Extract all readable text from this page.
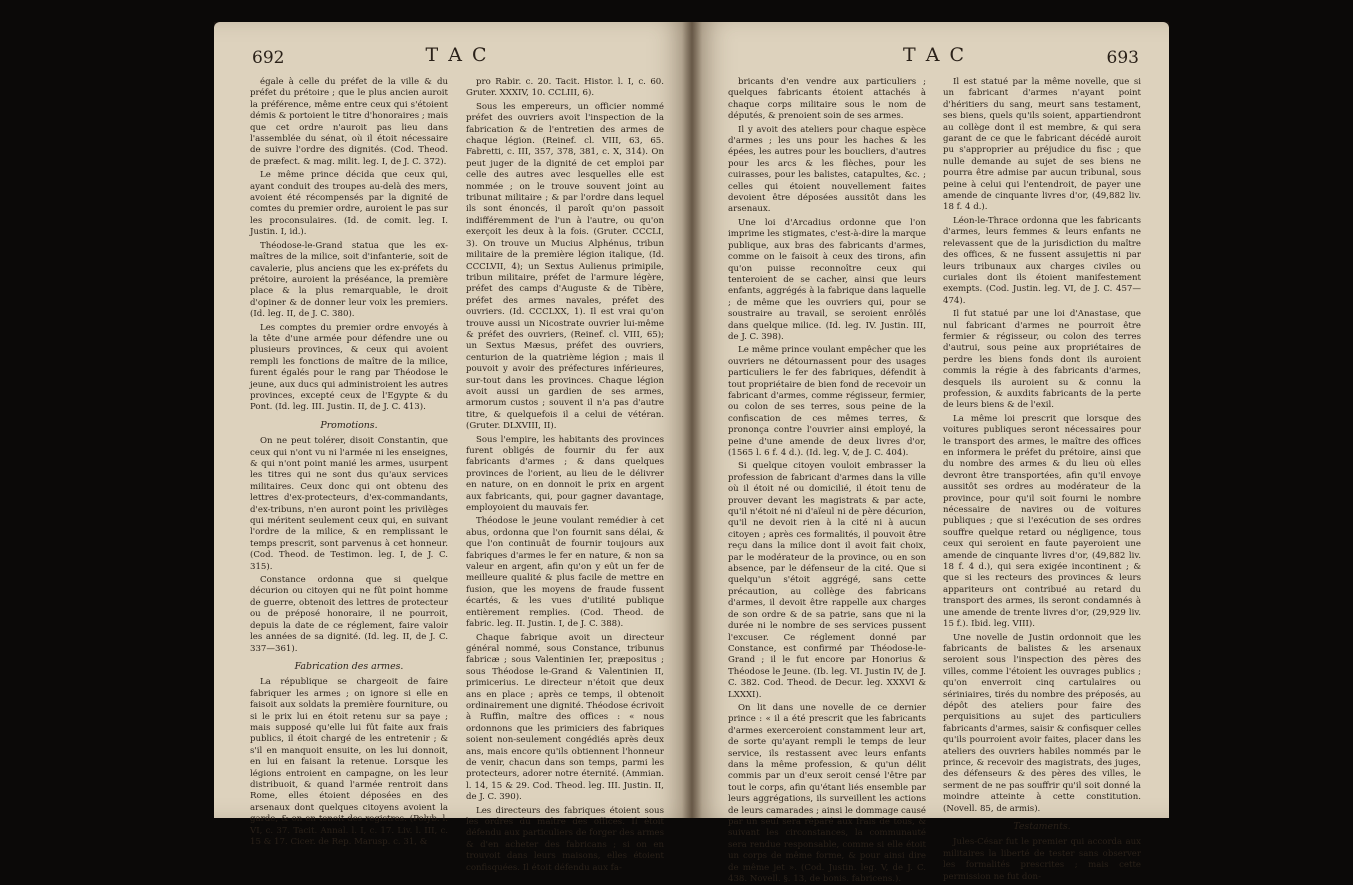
692	T A C

égale à celle du préfet de la ville & du préfet du prétoire ; que le plus ancien auroit la préférence, même entre ceux qui s'étoient démis & portoient le titre d'honoraires ; mais que cet ordre n'auroit pas lieu dans l'assemblée du sénat, où il étoit nécessaire de suivre l'ordre des dignités. (Cod. Theod. de præfect. & mag. milit. leg. I, de J. C. 372).

Le même prince décida que ceux qui, ayant conduit des troupes au-delà des mers, avoient été récompensés par la dignité de comtes du premier ordre, auroient le pas sur les proconsulaires. (Id. de comit. leg. I. Justin. I, id.).

Théodose-le-Grand statua que les ex-maîtres de la milice, soit d'infanterie, soit de cavalerie, plus anciens que les ex-préfets du prétoire, auroient la préséance, la première place & la plus remarquable, le droit d'opiner & de donner leur voix les premiers. (Id. leg. II, de J. C. 380).

Les comptes du premier ordre envoyés à la tête d'une armée pour défendre une ou plusieurs provinces, & ceux qui avoient rempli les fonctions de maître de la milice, furent égalés pour le rang par Théodose le jeune, aux ducs qui administroient les autres provinces, excepté ceux de l'Egypte & du Pont. (Id. leg. III. Justin. II, de J. C. 413).

Promotions.

On ne peut tolérer, disoit Constantin, que ceux qui n'ont vu ni l'armée ni les enseignes, & qui n'ont point manié les armes, usurpent les titres qui ne sont dus qu'aux services militaires. Ceux donc qui ont obtenu des lettres d'ex-protecteurs, d'ex-commandants, d'ex-tribuns, n'en auront point les privilèges qui méritent seulement ceux qui, en suivant l'ordre de la milice, & en remplissant le temps prescrit, sont parvenus à cet honneur. (Cod. Theod. de Testimon. leg. I, de J. C. 315).

Constance ordonna que si quelque décurion ou citoyen qui ne fût point homme de guerre, obtenoit des lettres de protecteur ou de préposé honoraire, il ne pourroit, depuis la date de ce réglement, faire valoir les années de sa dignité. (Id. leg. II, de J. C. 337—361).

Fabrication des armes.

La république se chargeoit de faire fabriquer les armes ; on ignore si elle en faisoit aux soldats la première fourniture, ou si le prix lui en étoit retenu sur sa paye ; mais supposé qu'elle lui fût faite aux frais publics, il étoit chargé de les entretenir ; & s'il en manquoit ensuite, on les lui donnoit, en lui en faisant la retenue. Lorsque les légions entroient en campagne, on les leur distribuoit, & quand l'armée rentroit dans Rome, elles étoient déposées en des arsenaux dont quelques citoyens avoient la garde, & on en tenoit des registres. (Polyb. l. VI, c. 37. Tacit. Annal. l. I, c. 17. Liv. l. III, c. 15 & 17. Cicer. de Rep. Marusp. c. 31, &

pro Rabir. c. 20. Tacit. Histor. l. I, c. 60. Gruter. XXXIV, 10. CCLIII, 6).

Sous les empereurs, un officier nommé préfet des ouvriers avoit l'inspection de la fabrication & de l'entretien des armes de chaque légion. (Reinef. cl. VIII, 63, 65. Fabretti, c. III, 357, 378, 381, c. X, 314). On peut juger de la dignité de cet emploi par celle des autres avec lesquelles elle est nommée ; on le trouve souvent joint au tribunat militaire ; & par l'ordre dans lequel ils sont énoncés, il paroît qu'on passoit indifféremment de l'un à l'autre, ou qu'on exerçoit les deux à la fois. (Gruter. CCCLI, 3). On trouve un Mucius Alphénus, tribun militaire de la première légion italique, (Id. CCCLVII, 4); un Sextus Aulienus primipile, tribun militaire, préfet de l'armure légère, préfet des camps d'Auguste & de Tibère, préfet des armes navales, préfet des ouvriers. (Id. CCCLXX, 1). Il est vrai qu'on trouve aussi un Nicostrate ouvrier lui-même & préfet des ouvriers, (Reinef. cl. VIII, 65); un Sextus Mæsus, préfet des ouvriers, centurion de la quatrième légion ; mais il pouvoit y avoir des préfectures inférieures, sur-tout dans les provinces. Chaque légion avoit aussi un gardien de ses armes, armorum custos ; souvent il n'a pas d'autre titre, & quelquefois il a celui de vétéran. (Gruter. DLXVIII, II).

Sous l'empire, les habitants des provinces furent obligés de fournir du fer aux fabricants d'armes ; & dans quelques provinces de l'orient, au lieu de le délivrer en nature, on en donnoit le prix en argent aux fabricants, qui, pour gagner davantage, employoient du mauvais fer.

Théodose le jeune voulant remédier à cet abus, ordonna que l'on fournit sans délai, & que l'on continuât de fournir toujours aux fabriques d'armes le fer en nature, & non sa valeur en argent, afin qu'on y eût un fer de meilleure qualité & plus facile de mettre en fusion, que les moyens de fraude fussent écartés, & les vues d'utilité publique entièrement remplies. (Cod. Theod. de fabric. leg. II. Justin. I, de J. C. 388).

Chaque fabrique avoit un directeur général nommé, sous Constance, tribunus fabricæ ; sous Valentinien Ier, præpositus ; sous Théodose le-Grand & Valentinien II, primicerius. Le directeur n'étoit que deux ans en place ; après ce temps, il obtenoit ordinairement une dignité. Théodose écrivoit à Ruffin, maître des offices : « nous ordonnons que les primiciers des fabriques soient non-seulement congédiés après deux ans, mais encore qu'ils obtiennent l'honneur de venir, chacun dans son temps, parmi les protecteurs, adorer notre éternité. (Ammian. l. 14, 15 & 29. Cod. Theod. leg. III. Justin. II, de J. C. 390).

Les directeurs des fabriques étoient sous les ordres du maître des offices. Il étoit défendu aux particuliers de forger des armes & d'en acheter des fabricans ; si on en trouvoit dans leurs maisons, elles étoient confisquées. Il étoit défendu aux fa-

T A C	693

bricants d'en vendre aux particuliers ; quelques fabricants étoient attachés à chaque corps militaire sous le nom de députés, & prenoient soin de ses armes.

Il y avoit des ateliers pour chaque espèce d'armes ; les uns pour les haches & les épées, les autres pour les boucliers, d'autres pour les arcs & les flèches, pour les cuirasses, pour les balistes, catapultes, &c. ; celles qui étoient nouvellement faites devoient être déposées aussitôt dans les arsenaux.

Une loi d'Arcadius ordonne que l'on imprime les stigmates, c'est-à-dire la marque publique, aux bras des fabricants d'armes, comme on le faisoit à ceux des tirons, afin qu'on puisse reconnoître ceux qui tenteroient de se cacher, ainsi que leurs enfants, aggrégés à la fabrique dans laquelle ; de même que les ouvriers qui, pour se soustraire au travail, se seroient enrôlés dans quelque milice. (Id. leg. IV. Justin. III, de J. C. 398).

Le même prince voulant empêcher que les ouvriers ne détournassent pour des usages particuliers le fer des fabriques, défendit à tout propriétaire de bien fond de recevoir un fabricant d'armes, comme régisseur, fermier, ou colon de ses terres, sous peine de la confiscation de ces mêmes terres, & prononça contre l'ouvrier ainsi employé, la peine d'une amende de deux livres d'or, (1565 l. 6 f. 4 d.). (Id. leg. V, de J. C. 404).

Si quelque citoyen vouloit embrasser la profession de fabricant d'armes dans la ville où il étoit né ou domicilié, il étoit tenu de prouver devant les magistrats & par acte, qu'il n'étoit né ni d'aïeul ni de père décurion, qu'il ne devoit rien à la cité ni à aucun citoyen ; après ces formalités, il pouvoit être reçu dans la milice dont il avoit fait choix, par le modérateur de la province, ou en son absence, par le défenseur de la cité. Que si quelqu'un s'étoit aggrégé, sans cette précaution, au collège des fabricans d'armes, il devoit être rappelle aux charges de son ordre & de sa patrie, sans que ni la durée ni le nombre de ses services pussent l'excuser. Ce réglement donné par Constance, est confirmé par Théodose-le-Grand ; il le fut encore par Honorius & Théodose le Jeune. (Ib. leg. VI. Justin IV, de J. C. 382. Cod. Theod. de Decur. leg. XXXVI & LXXXI).

On lit dans une novelle de ce dernier prince : « il a été prescrit que les fabricants d'armes exerceroient constamment leur art, de sorte qu'ayant rempli le temps de leur service, ils restassent avec leurs enfants dans la même profession, & qu'un délit commis par un d'eux seroit censé l'être par tout le corps, afin qu'étant liés ensemble par leurs aggrégations, ils surveillent les actions de leurs camarades ; ainsi le dommage causé par un seul sera réparé aux frais de tous, & suivant les circonstances, la communauté sera rendue responsable, comme si elle étoit un corps de même forme, & pour ainsi dire de même jet ». (Cod. Justin. leg. V, de J. C. 438. Novell. §. 13, de bonis. fabricens.).

Il est statué par la même novelle, que si un fabricant d'armes n'ayant point d'héritiers du sang, meurt sans testament, ses biens, quels qu'ils soient, appartiendront au collège dont il est membre, & qui sera garant de ce que le fabricant décédé auroit pu s'approprier au préjudice du fisc ; que nulle demande au sujet de ses biens ne pourra être admise par aucun tribunal, sous peine à celui qui l'entendroit, de payer une amende de cinquante livres d'or, (49,882 liv. 18 f. 4 d.).

Léon-le-Thrace ordonna que les fabricants d'armes, leurs femmes & leurs enfants ne relevassent que de la jurisdiction du maître des offices, & ne fussent assujettis ni par leurs tribunaux aux charges civiles ou curiales dont ils étoient manifestement exempts. (Cod. Justin. leg. VI, de J. C. 457—474).

Il fut statué par une loi d'Anastase, que nul fabricant d'armes ne pourroit être fermier & régisseur, ou colon des terres d'autrui, sous peine aux propriétaires de perdre les biens fonds dont ils auroient commis la régie à des fabricants d'armes, desquels ils auroient su & connu la profession, & auxdits fabricants de la perte de leurs biens & de l'exil.

La même loi prescrit que lorsque des voitures publiques seront nécessaires pour le transport des armes, le maître des offices en informera le préfet du prétoire, ainsi que du nombre des armes & du lieu où elles devront être transportées, afin qu'il envoye aussitôt ses ordres au modérateur de la province, pour qu'il soit fourni le nombre nécessaire de navires ou de voitures publiques ; que si l'exécution de ses ordres souffre quelque retard ou négligence, tous ceux qui seroient en faute payeroient une amende de cinquante livres d'or, (49,882 liv. 18 f. 4 d.), qui sera exigée incontinent ; & que si les recteurs des provinces & leurs appariteurs ont contribué au retard du transport des armes, ils seront condamnés à une amende de trente livres d'or, (29,929 liv. 15 f.). Ibid. leg. VIII).

Une novelle de Justin ordonnoit que les fabricants de balistes & les arsenaux seroient sous l'inspection des pères des villes, comme l'étoient les ouvrages publics ; qu'on enverroit cinq cartulaires ou sériniaires, tirés du nombre des préposés, au dépôt des ateliers pour faire des perquisitions au sujet des particuliers fabricants d'armes, saisir & confisquer celles qu'ils pourroient avoir faites, placer dans les ateliers des ouvriers habiles nommés par le prince, & recevoir des magistrats, des juges, des défenseurs & des pères des villes, le serment de ne pas souffrir qu'il soit donné la moindre atteinte à cette constitution. (Novell. 85, de armis).

Testaments.

Jules-César fut le premier qui accorda aux militaires la liberté de tester sans observer les formalités prescrites ; mais cette permission ne fut don-
